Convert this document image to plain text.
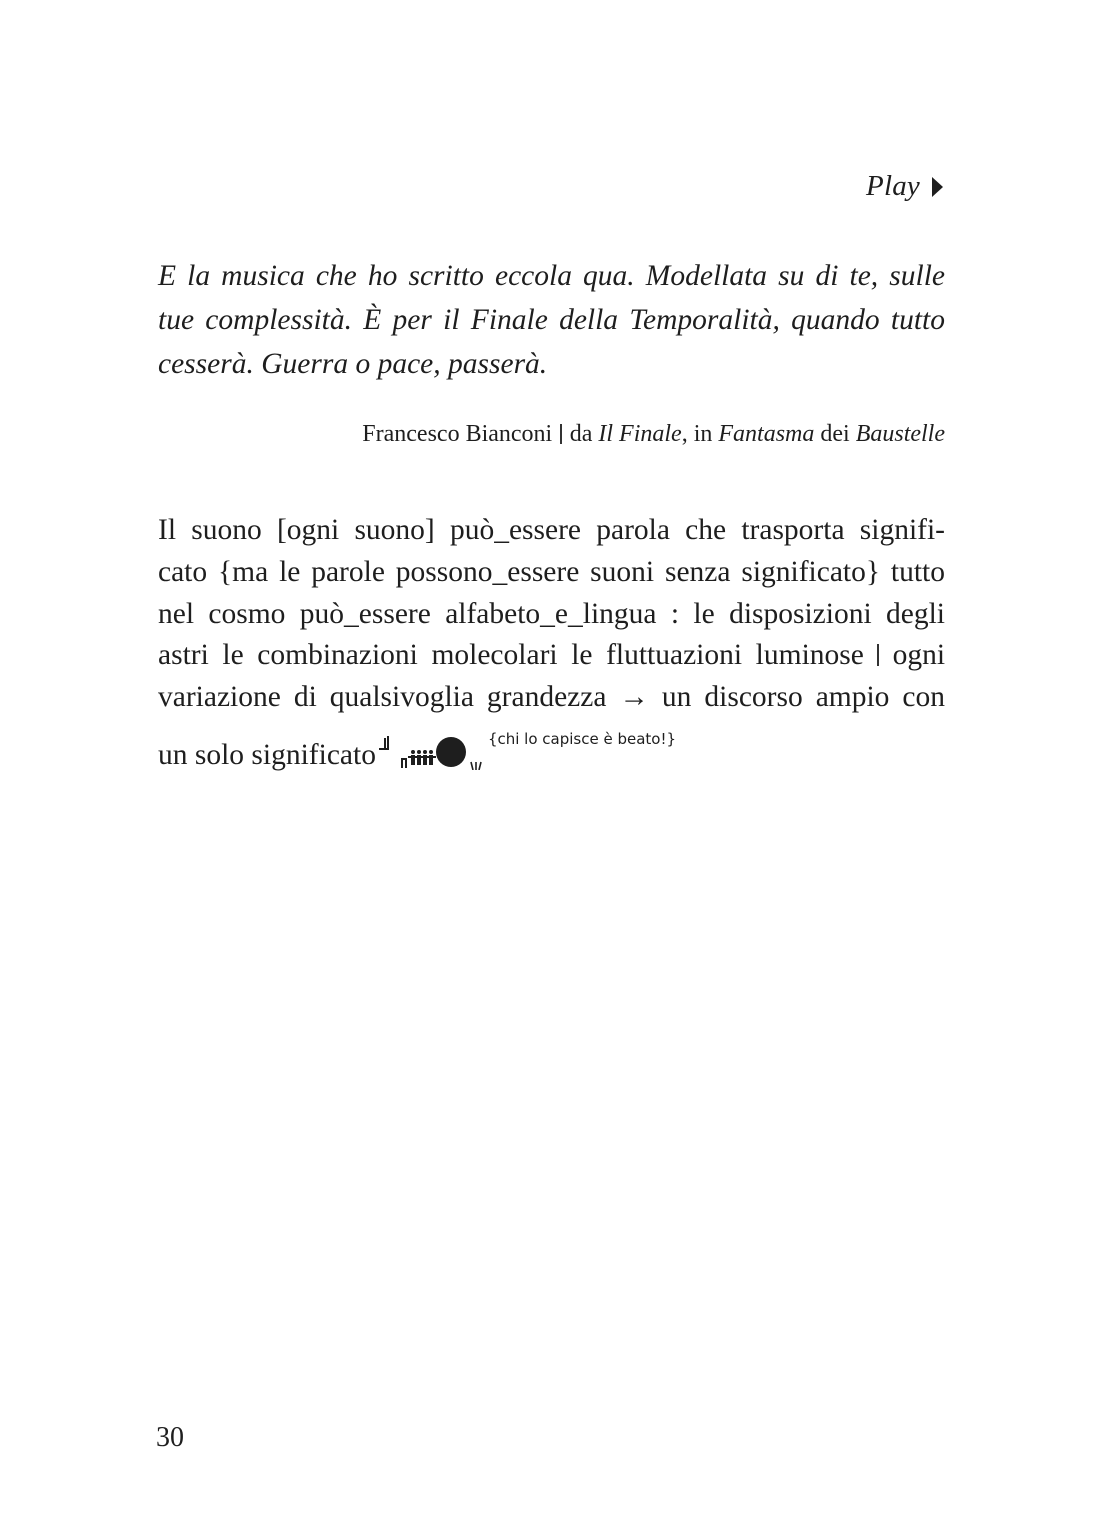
Play
E la musica che ho scritto eccola qua. Modellata su di te, sulle
tue complessità. È per il Finale della Temporalità, quando tutto
cesserà. Guerra o pace, passerà.
Francesco Bianconi da Il Finale, in Fantasma dei Baustelle
Il suono [ogni suono] può_essere parola che trasporta signifi-
cato {ma le parole possono_essere suoni senza significato} tutto
nel cosmo può_essere alfabeto_e_lingua : le disposizioni degli
astri le combinazioni molecolari le fluttuazioni luminose ogni
variazione di qualsivoglia grandezza → un discorso ampio con
un solo significato	$^{\{chi lo capisce è beato!\}}$
30
